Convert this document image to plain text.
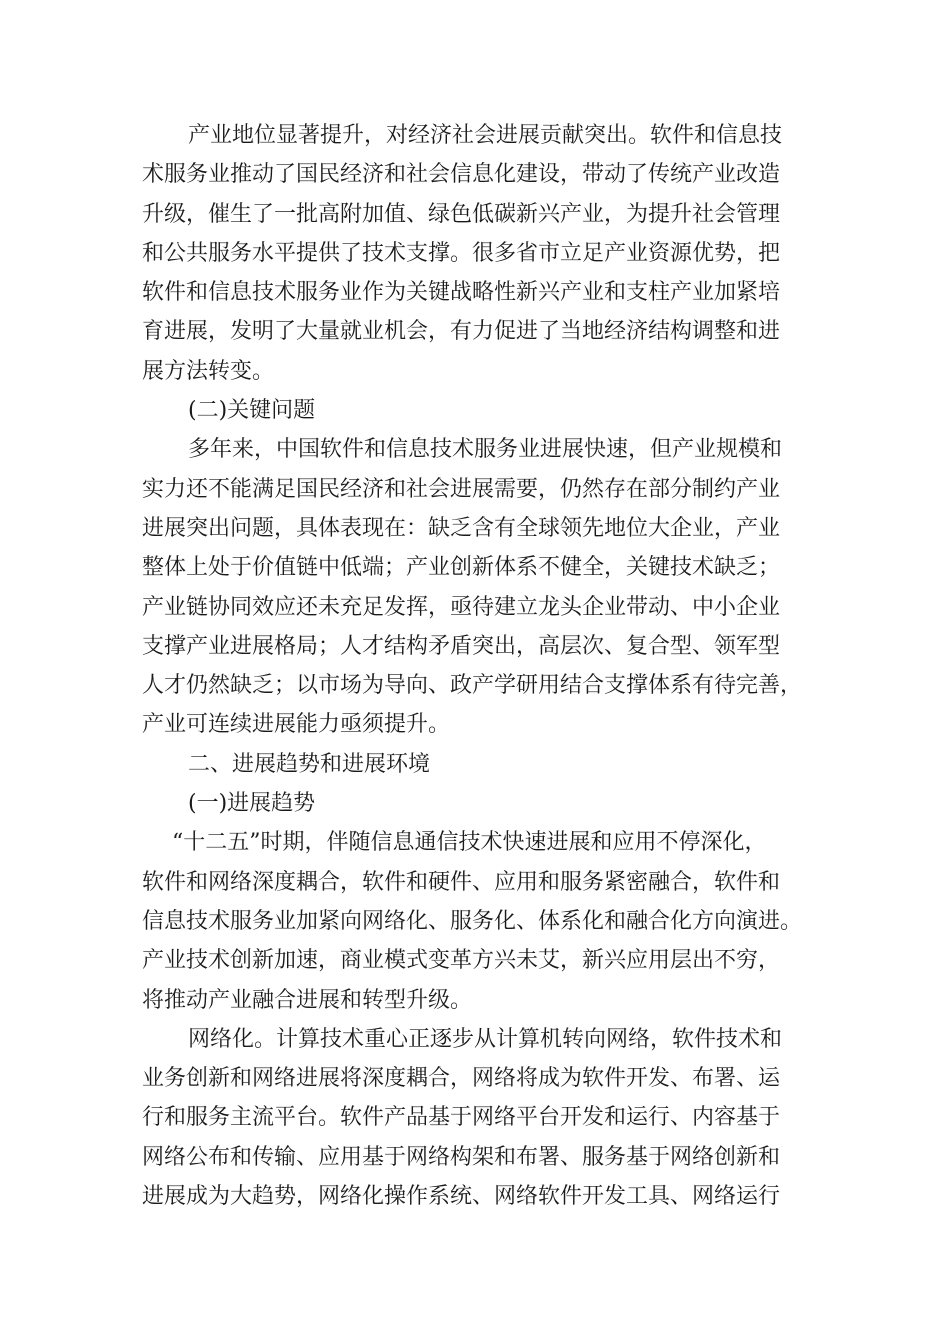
产业地位显著提升，对经济社会进展贡献突出。软件和信息技
术服务业推动了国民经济和社会信息化建设，带动了传统产业改造
升级，催生了一批高附加值、绿色低碳新兴产业，为提升社会管理
和公共服务水平提供了技术支撑。很多省市立足产业资源优势，把
软件和信息技术服务业作为关键战略性新兴产业和支柱产业加紧培
育进展，发明了大量就业机会，有力促进了当地经济结构调整和进
展方法转变。
(二)关键问题
多年来，中国软件和信息技术服务业进展快速，但产业规模和
实力还不能满足国民经济和社会进展需要，仍然存在部分制约产业
进展突出问题，具体表现在：缺乏含有全球领先地位大企业，产业
整体上处于价值链中低端；产业创新体系不健全，关键技术缺乏；
产业链协同效应还未充足发挥，亟待建立龙头企业带动、中小企业
支撑产业进展格局；人才结构矛盾突出，高层次、复合型、领军型
人才仍然缺乏；以市场为导向、政产学研用结合支撑体系有待完善，
产业可连续进展能力亟须提升。
二、进展趋势和进展环境
(一)进展趋势
“十二五”时期，伴随信息通信技术快速进展和应用不停深化，
软件和网络深度耦合，软件和硬件、应用和服务紧密融合，软件和
信息技术服务业加紧向网络化、服务化、体系化和融合化方向演进。
产业技术创新加速，商业模式变革方兴未艾，新兴应用层出不穷，
将推动产业融合进展和转型升级。
网络化。计算技术重心正逐步从计算机转向网络，软件技术和
业务创新和网络进展将深度耦合，网络将成为软件开发、布署、运
行和服务主流平台。软件产品基于网络平台开发和运行、内容基于
网络公布和传输、应用基于网络构架和布署、服务基于网络创新和
进展成为大趋势，网络化操作系统、网络软件开发工具、网络运行
